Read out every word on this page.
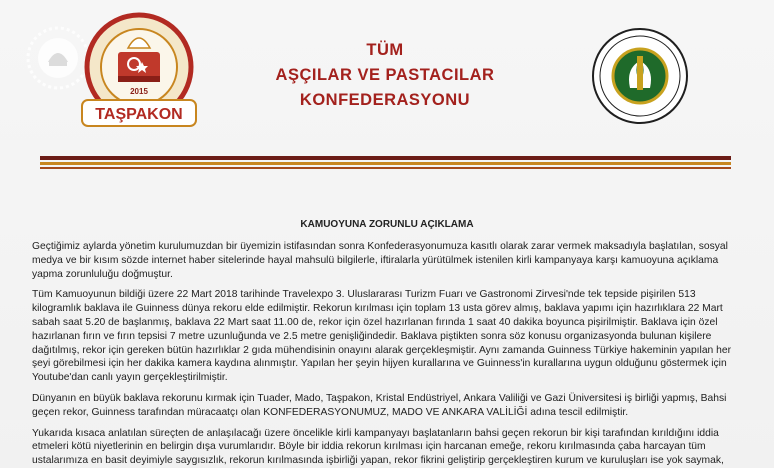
2015
TAŞPAKON
TÜM
AŞÇILAR VE PASTACILAR
KONFEDERASYONU
KAMUOYUNA ZORUNLU AÇIKLAMA

Geçtiğimiz aylarda yönetim kurulumuzdan bir üyemizin istifasından sonra Konfederasyonumuza kasıtlı olarak zarar vermek maksadıyla başlatılan, sosyal medya ve bir kısım sözde internet haber sitelerinde hayal mahsulü bilgilerle, iftiralarla yürütülmek istenilen kirli kampanyaya karşı kamuoyuna açıklama yapma zorunluluğu doğmuştur.

Tüm Kamuoyunun bildiği üzere 22 Mart 2018 tarihinde Travelexpo 3. Uluslararası Turizm Fuarı ve Gastronomi Zirvesi'nde tek tepside pişirilen 513 kilogramlık baklava ile Guinness dünya rekoru elde edilmiştir. Rekorun kırılması için toplam 13 usta görev almış, baklava yapımı için hazırlıklara 22 Mart sabah saat 5.20 de başlanmış, baklava 22 Mart saat 11.00 de, rekor için özel hazırlanan fırında 1 saat 40 dakika boyunca pişirilmiştir. Baklava için özel hazırlanan fırın ve fırın tepsisi 7 metre uzunluğunda ve 2.5 metre genişliğindedir. Baklava piştikten sonra söz konusu organizasyonda bulunan kişilere dağıtılmış, rekor için gereken bütün hazırlıklar 2 gıda mühendisinin onayını alarak gerçekleşmiştir. Aynı zamanda Guinness Türkiye hakeminin yapılan her şeyi görebilmesi için her dakika kamera kaydına alınmıştır. Yapılan her şeyin hijyen kurallarına ve Guinness'in kurallarına uygun olduğunu göstermek için Youtube'dan canlı yayın gerçekleştirilmiştir.

Dünyanın en büyük baklava rekorunu kırmak için Tuader, Mado, Taşpakon, Kristal Endüstriyel, Ankara Valiliği ve Gazi Üniversitesi iş birliği yapmış, Bahsi geçen rekor, Guinness tarafından müracaatçı olan KONFEDERASYONUMUZ, MADO VE ANKARA VALİLİĞİ adına tescil edilmiştir.

Yukarıda kısaca anlatılan süreçten de anlaşılacağı üzere öncelikle kirli kampanyayı başlatanların bahsi geçen rekorun bir kişi tarafından kırıldığını iddia etmeleri kötü niyetlerinin en belirgin dışa vurumlarıdır. Böyle bir iddia rekorun kırılması için harcanan emeğe, rekoru kırılmasında çaba harcayan tüm ustalarımıza en basit deyimiyle saygısızlık, rekorun kırılmasında işbirliği yapan, rekor fikrini geliştirip gerçekleştiren kurum ve kuruluşları ise yok saymak,
